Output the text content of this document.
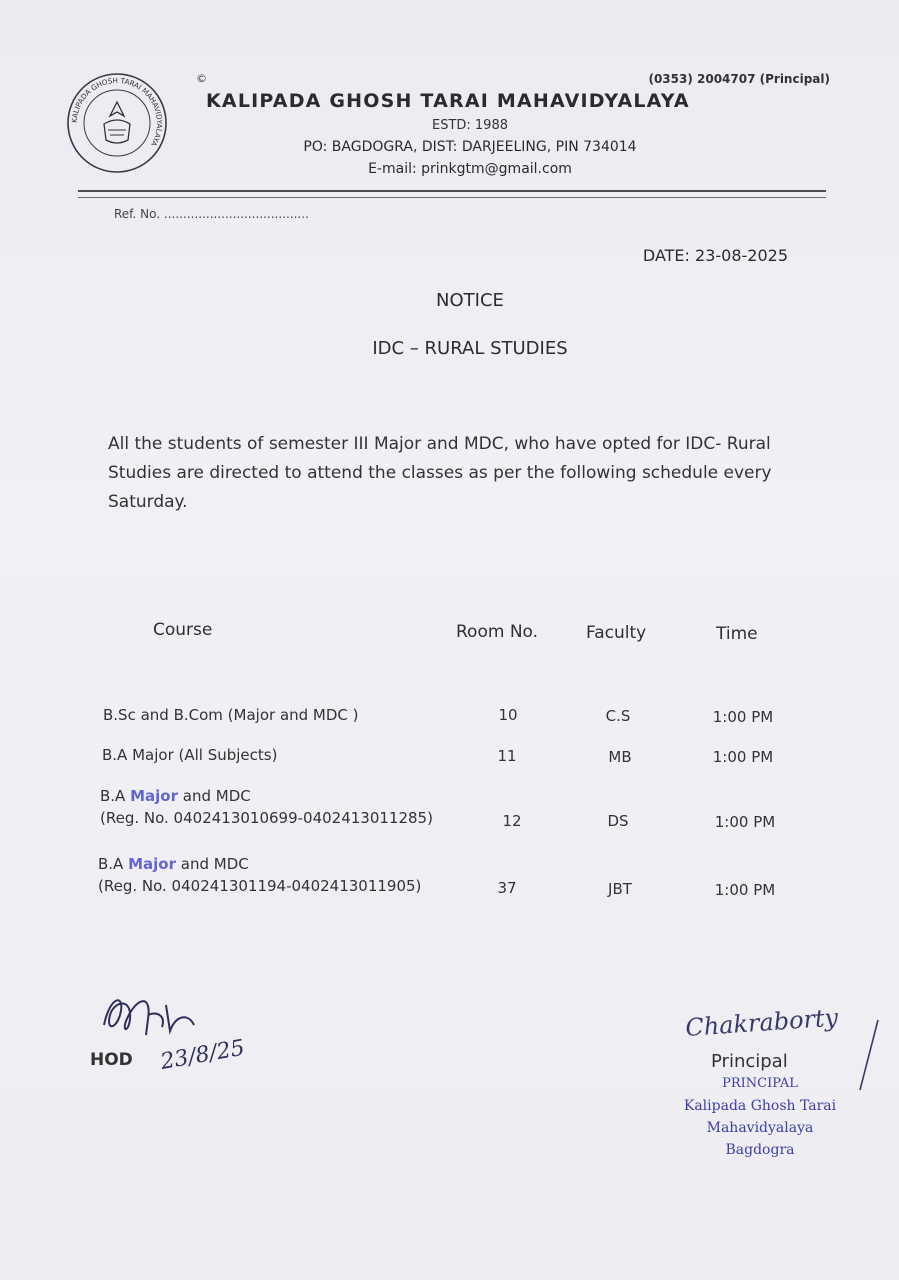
KALIPADA GHOSH TARAI MAHAVIDYALAYA
©	(0353) 2004707 (Principal)
KALIPADA GHOSH TARAI MAHAVIDYALAYA
ESTD: 1988
PO: BAGDOGRA, DIST: DARJEELING, PIN 734014
E-mail: prinkgtm@gmail.com
Ref. No. ......................................
DATE: 23-08-2025
NOTICE
IDC – RURAL STUDIES

All the students of semester III Major and MDC, who have opted for IDC- Rural Studies are directed to attend the classes as per the following schedule every Saturday.

Course	Room No.	Faculty	Time
B.Sc and B.Com (Major and MDC )	10	C.S	1:00 PM
B.A Major (All Subjects)	11	MB	1:00 PM
B.A Major and MDC
(Reg. No. 0402413010699-0402413011285)	12	DS	1:00 PM
B.A Major and MDC
(Reg. No. 040241301194-0402413011905)	37	JBT	1:00 PM
23/8/25
HOD
Chakraborty
Principal
PRINCIPAL
Kalipada Ghosh Tarai
Mahavidyalaya
Bagdogra
